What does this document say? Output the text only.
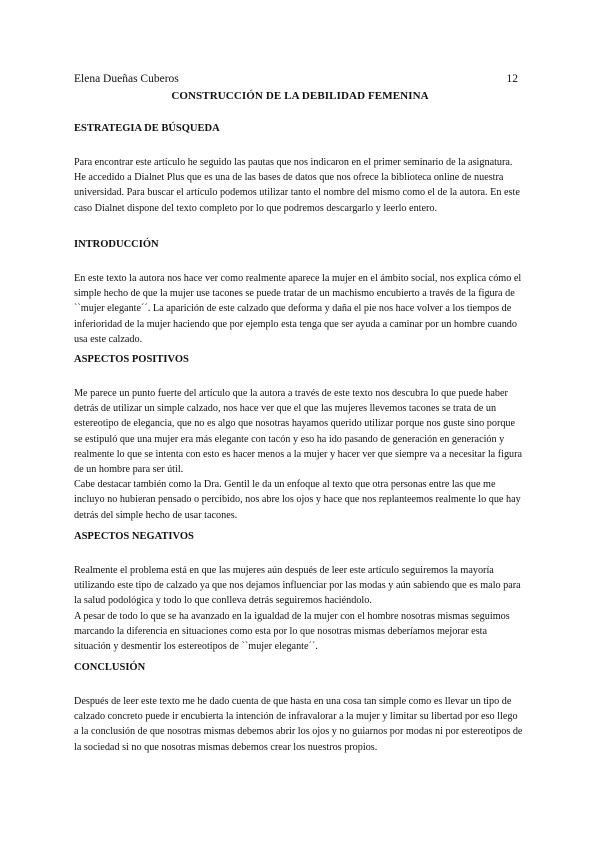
Elena Dueñas Cuberos	12
CONSTRUCCIÓN DE LA DEBILIDAD FEMENINA
ESTRATEGIA DE BÚSQUEDA

Para encontrar este artículo he seguido las pautas que nos indicaron en el primer seminario de la asignatura. He accedido a Dialnet Plus que es una de las bases de datos que nos ofrece la biblioteca online de nuestra universidad. Para buscar el artículo podemos utilizar tanto el nombre del mismo como el de la autora. En este caso Dialnet dispone del texto completo por lo que podremos descargarlo y leerlo entero.

INTRODUCCIÓN

En este texto la autora nos hace ver como realmente aparece la mujer en el ámbito social, nos explica cómo el simple hecho de que la mujer use tacones se puede tratar de un machismo encubierto a través de la figura de ``mujer elegante´´. La aparición de este calzado que deforma y daña el pie nos hace volver a los tiempos de inferioridad de la mujer haciendo que por ejemplo esta tenga que ser ayuda a caminar por un hombre cuando usa este calzado.

ASPECTOS POSITIVOS

Me parece un punto fuerte del artículo que la autora a través de este texto nos descubra lo que puede haber detrás de utilizar un simple calzado, nos hace ver que el que las mujeres llevemos tacones se trata de un estereotipo de elegancia, que no es algo que nosotras hayamos querido utilizar porque nos guste sino porque se estipuló que una mujer era más elegante con tacón y eso ha ido pasando de generación en generación y realmente lo que se intenta con esto es hacer menos a la mujer y hacer ver que siempre va a necesitar la figura de un hombre para ser útil.

Cabe destacar también como la Dra. Gentil le da un enfoque al texto que otra personas entre las que me incluyo no hubieran pensado o percibido, nos abre los ojos y hace que nos replanteemos realmente lo que hay detrás del simple hecho de usar tacones.

ASPECTOS NEGATIVOS

Realmente el problema está en que las mujeres aún después de leer este artículo seguiremos la mayoría utilizando este tipo de calzado ya que nos dejamos influenciar por las modas y aún sabiendo que es malo para la salud podológica y todo lo que conlleva detrás seguiremos haciéndolo.

A pesar de todo lo que se ha avanzado en la igualdad de la mujer con el hombre nosotras mismas seguimos marcando la diferencia en situaciones como esta por lo que nosotras mismas deberíamos mejorar esta situación y desmentir los estereotipos de ``mujer elegante´´.

CONCLUSIÓN

Después de leer este texto me he dado cuenta de que hasta en una cosa tan simple como es llevar un tipo de calzado concreto puede ir encubierta la intención de infravalorar a la mujer y limitar su libertad por eso llego a la conclusión de que nosotras mismas debemos abrir los ojos y no guiarnos por modas ni por estereotipos de la sociedad si no que nosotras mismas debemos crear los nuestros propios.
